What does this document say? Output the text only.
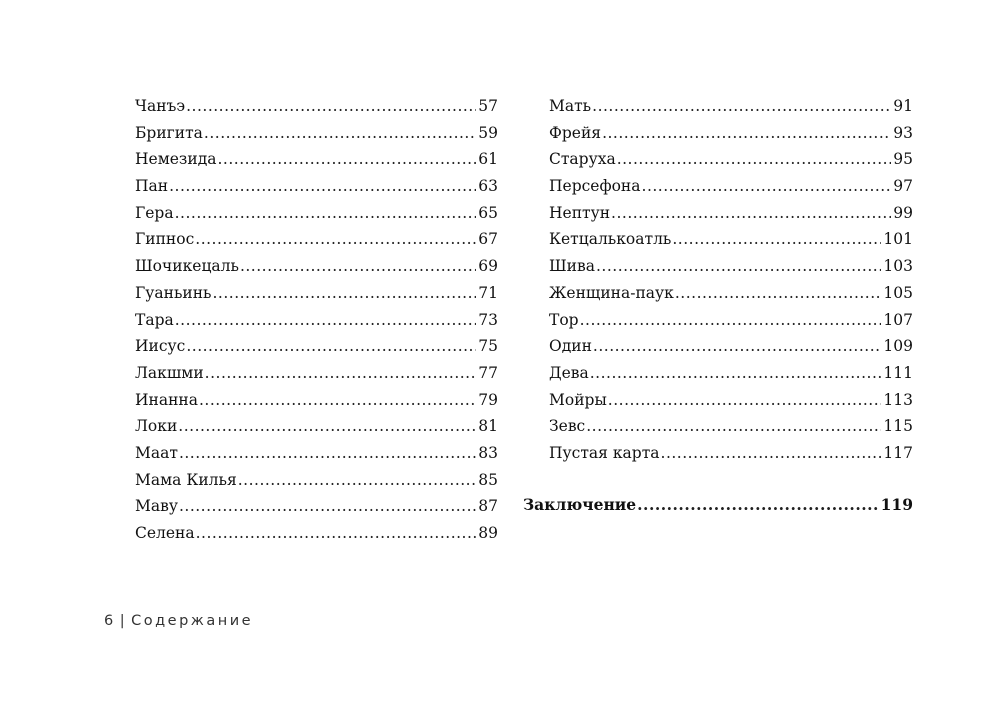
Чанъэ .....	57
Бригита .....	59
Немезида .....	61
Пан .....	63
Гера .....	65
Гипнос .....	67
Шочикецаль .....	69
Гуаньинь .....	71
Тара .....	73
Иисус .....	75
Лакшми .....	77
Инанна .....	79
Локи .....	81
Маат .....	83
Мама Килья .....	85
Маву .....	87
Селена .....	89
Мать .....	91
Фрейя .....	93
Старуха .....	95
Персефона .....	97
Нептун .....	99
Кетцалькоатль .....	101
Шива .....	103
Женщина-паук .....	105
Тор .....	107
Один .....	109
Дева .....	111
Мойры .....	113
Зевс .....	115
Пустая карта .....	117
Заключение .....	119
6 | Содержание
